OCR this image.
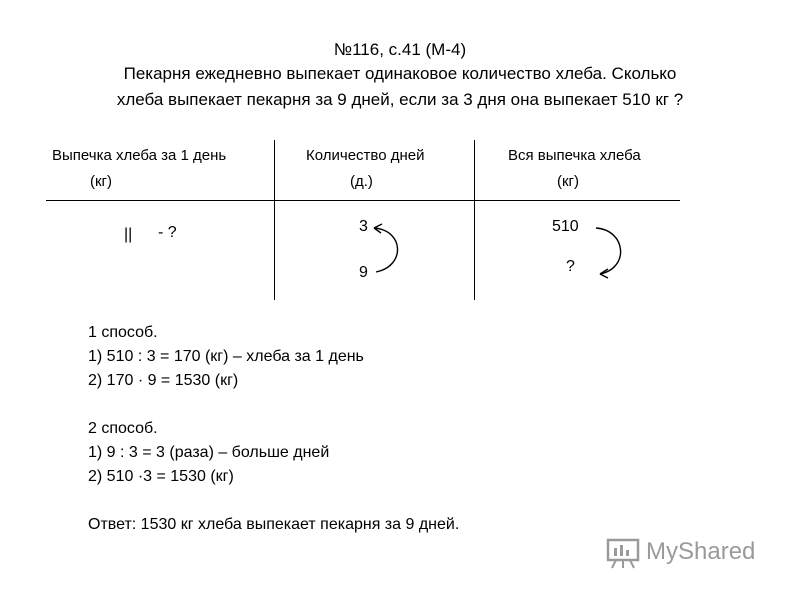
№116, с.41 (М-4)
Пекарня ежедневно выпекает одинаковое количество хлеба. Сколько
хлеба выпекает пекарня за 9 дней, если за 3 дня она выпекает 510 кг ?
Выпечка хлеба за 1 день
(кг)
Количество дней
(д.)
Вся выпечка хлеба
(кг)
|| - ?	3
9
510
?
1 способ.
1) 510 : 3 = 170 (кг) – хлеба за 1 день
2) 170 · 9 = 1530 (кг)
2 способ.
1) 9 : 3 = 3 (раза) – больше дней
2) 510 ·3 = 1530 (кг)
Ответ: 1530 кг хлеба выпекает пекарня за 9 дней.
MyShared
